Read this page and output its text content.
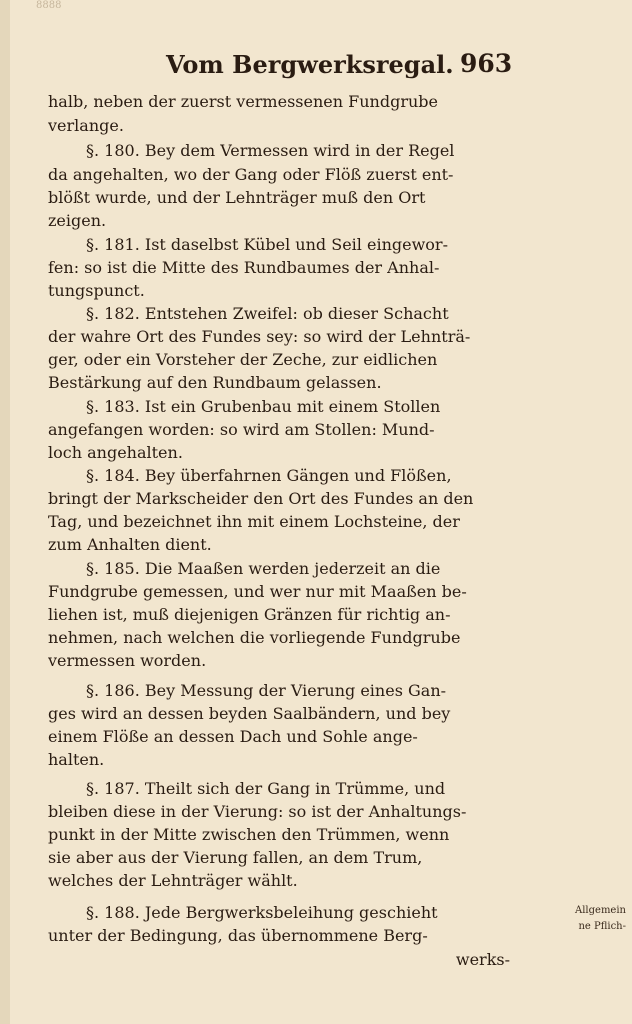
8888
Vom Bergwerksregal. 963
halb, neben der zuerst vermessenen Fundgrube
verlange.
§. 180. Bey dem Vermessen wird in der Regel
da angehalten, wo der Gang oder Flöß zuerst ent-
blößt wurde, und der Lehnträger muß den Ort
zeigen.
§. 181. Ist daselbst Kübel und Seil eingewor-
fen: so ist die Mitte des Rundbaumes der Anhal-
tungspunct.
§. 182. Entstehen Zweifel: ob dieser Schacht
der wahre Ort des Fundes sey: so wird der Lehnträ-
ger, oder ein Vorsteher der Zeche, zur eidlichen
Bestärkung auf den Rundbaum gelassen.
§. 183. Ist ein Grubenbau mit einem Stollen
angefangen worden: so wird am Stollen: Mund-
loch angehalten.
§. 184. Bey überfahrnen Gängen und Flößen,
bringt der Markscheider den Ort des Fundes an den
Tag, und bezeichnet ihn mit einem Lochsteine, der
zum Anhalten dient.
§. 185. Die Maaßen werden jederzeit an die
Fundgrube gemessen, und wer nur mit Maaßen be-
liehen ist, muß diejenigen Gränzen für richtig an-
nehmen, nach welchen die vorliegende Fundgrube
vermessen worden.
§. 186. Bey Messung der Vierung eines Gan-
ges wird an dessen beyden Saalbändern, und bey
einem Flöße an dessen Dach und Sohle ange-
halten.
§. 187. Theilt sich der Gang in Trümme, und
bleiben diese in der Vierung: so ist der Anhaltungs-
punkt in der Mitte zwischen den Trümmen, wenn
sie aber aus der Vierung fallen, an dem Trum,
welches der Lehnträger wählt.
§. 188. Jede Bergwerksbeleihung geschieht
unter der Bedingung, das übernommene Berg-
werks-
Allgemein
ne Pflich-
